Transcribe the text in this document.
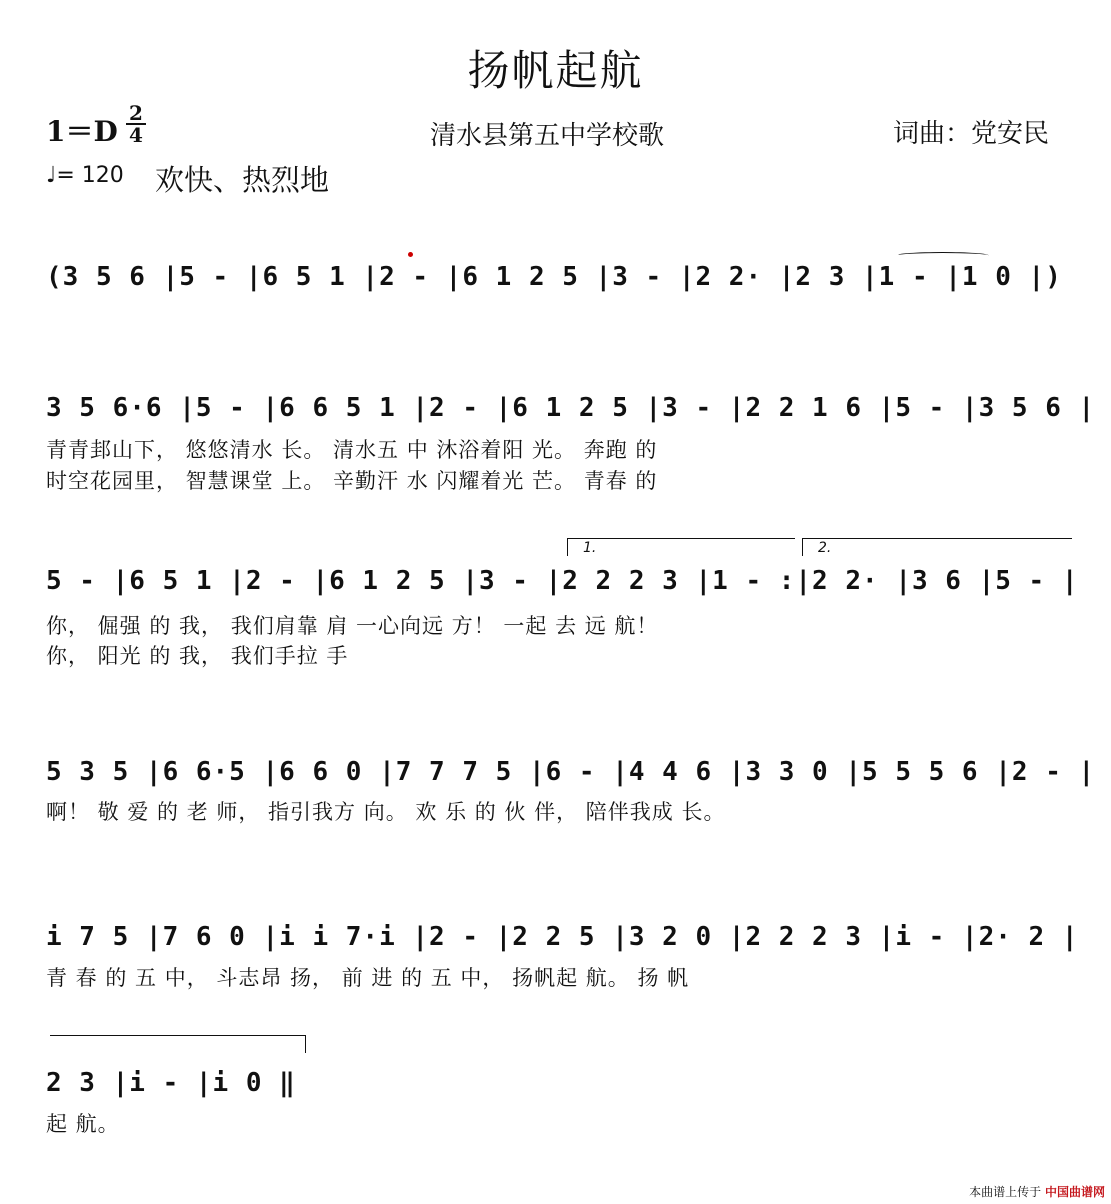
扬帆起航
1＝D
2
4	清水县第五中学校歌	词曲：党安民
♩= 120 欢快、热烈地
(3 5 6 |5 - |6 5 1 |2 - |6 1 2 5 |3 - |2 2· |2 3 |1 - |1 0 |)
3 5 6·6 |5 - |6 6 5 1 |2 - |6 1 2 5 |3 - |2 2 1 6 |5 - |3 5 6 |
青青邽山下， 悠悠清水 长。 清水五 中 沐浴着阳 光。 奔跑 的
时空花园里， 智慧课堂 上。 辛勤汗 水 闪耀着光 芒。 青春 的
1.	2.
5 - |6 5 1 |2 - |6 1 2 5 |3 - |2 2 2 3 |1 - :|2 2· |3 6 |5 - |
你， 倔强 的 我， 我们肩靠 肩 一心向远 方！ 一起 去 远 航！
你， 阳光 的 我， 我们手拉 手
5 3 5 |6 6·5 |6 6 0 |7 7 7 5 |6 - |4 4 6 |3 3 0 |5 5 5 6 |2 - |
啊！ 敬 爱 的 老 师， 指引我方 向。 欢 乐 的 伙 伴， 陪伴我成 长。
i 7 5 |7 6 0 |i i 7·i |2 - |2 2 5 |3 2 0 |2 2 2 3 |i - |2· 2 |
青 春 的 五 中， 斗志昂 扬， 前 进 的 五 中， 扬帆起 航。 扬 帆
2 3 |i - |i 0 ‖
起 航。
本曲谱上传于 中国曲谱网
